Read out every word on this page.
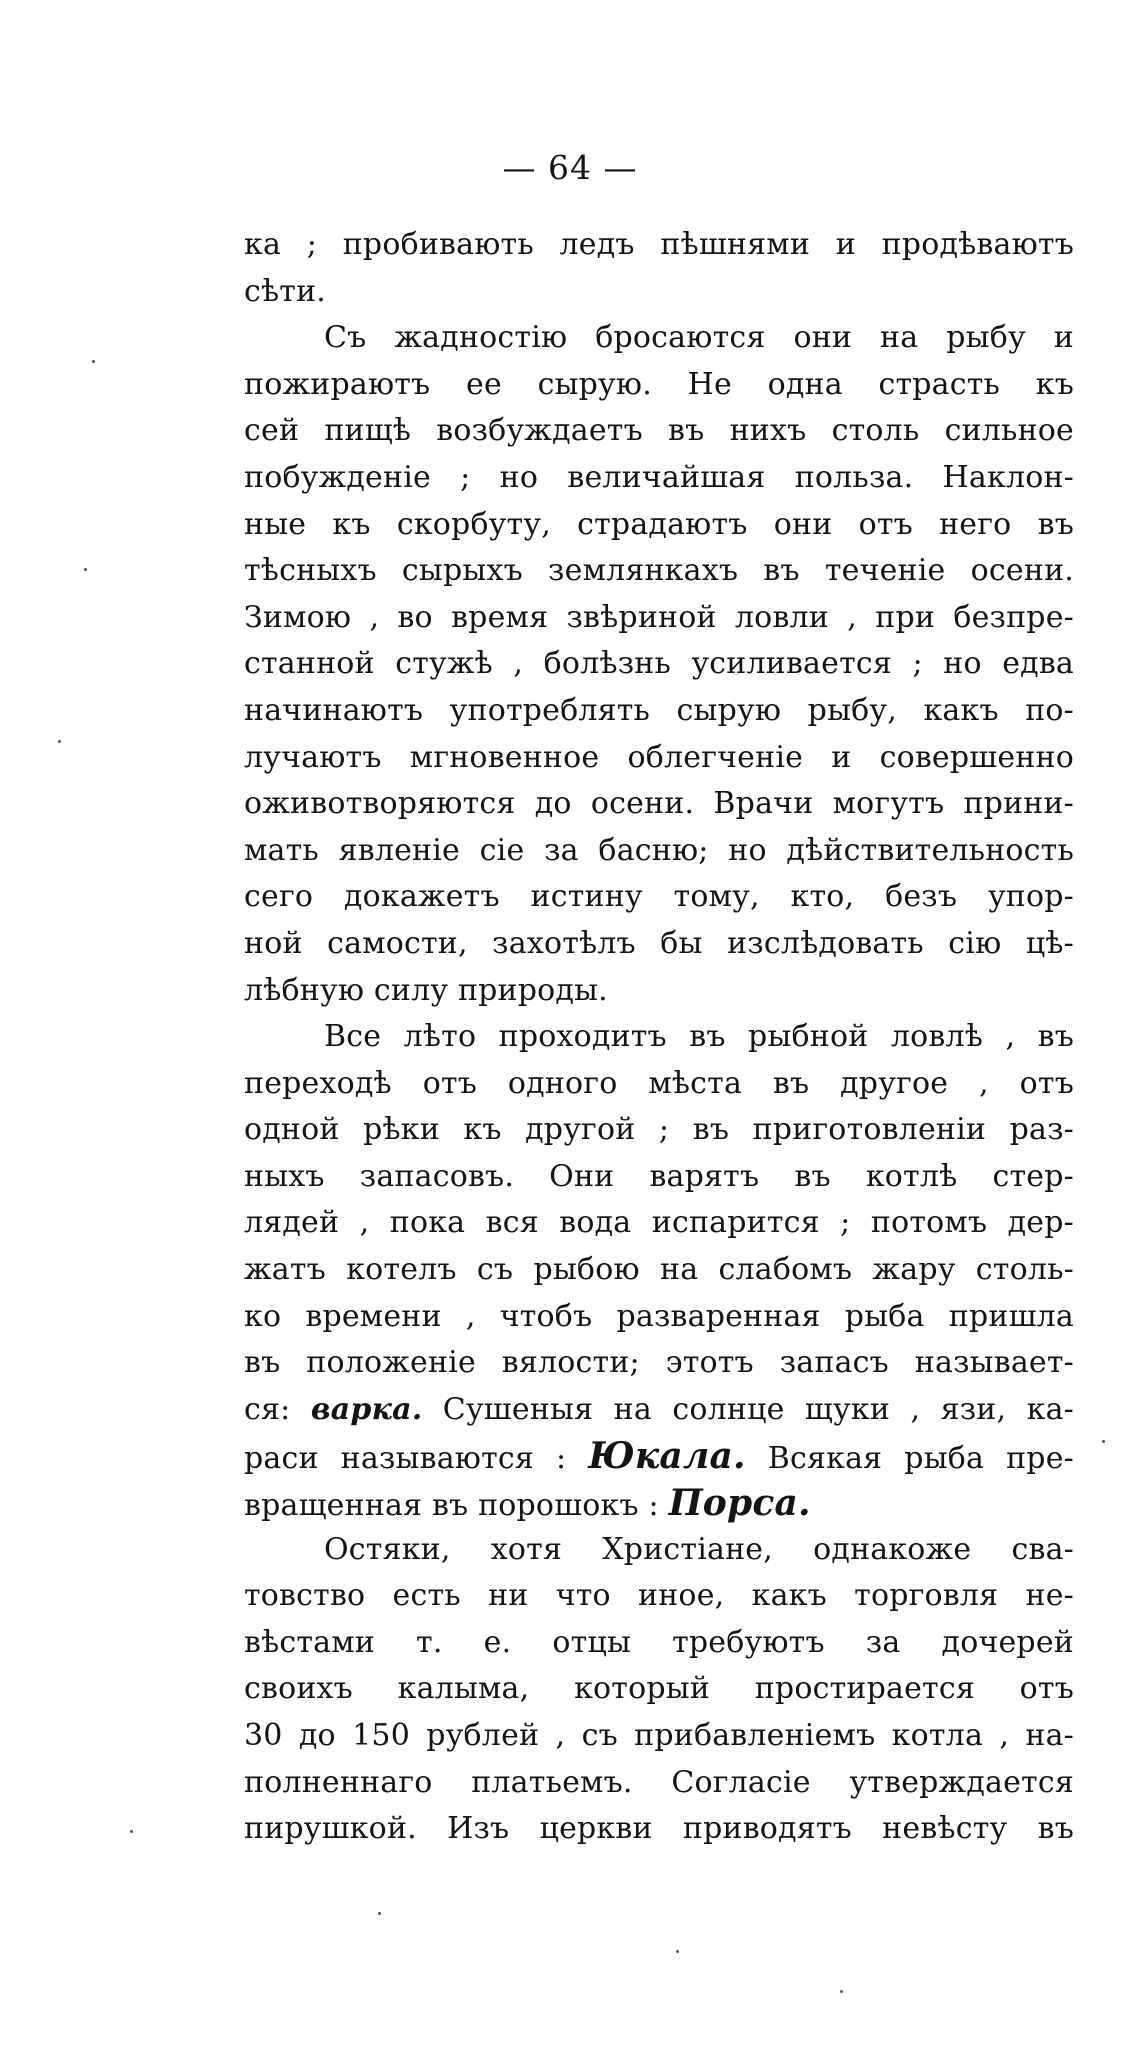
— 64 —
ка ; пробивають ледъ пѣшнями и продѣваютъ
сѣти.
Съ жадностію бросаются они на рыбу и
пожираютъ ее сырую. Не одна страсть къ
сей пищѣ возбуждаетъ въ нихъ столь сильное
побужденіе ; но величайшая польза. Наклон-
ные къ скорбуту, страдаютъ они отъ него въ
тѣсныхъ сырыхъ землянкахъ въ теченіе осени.
Зимою , во время звѣриной ловли , при безпре-
станной стужѣ , болѣзнь усиливается ; но едва
начинаютъ употреблять сырую рыбу, какъ по-
лучаютъ мгновенное облегченіе и совершенно
оживотворяются до осени. Врачи могутъ прини-
мать явленіе сіе за басню; но дѣйствительность
сего докажетъ истину тому, кто, безъ упор-
ной самости, захотѣлъ бы изслѣдовать сію цѣ-
лѣбную силу природы.
Все лѣто проходитъ въ рыбной ловлѣ , въ
переходѣ отъ одного мѣста въ другое , отъ
одной рѣки къ другой ; въ приготовленіи раз-
ныхъ запасовъ. Они варятъ въ котлѣ стер-
лядей , пока вся вода испарится ; потомъ дер-
жатъ котелъ съ рыбою на слабомъ жару столь-
ко времени , чтобъ разваренная рыба пришла
въ положеніе вялости; этотъ запасъ называет-
ся: варка. Сушеныя на солнце щуки , язи, ка-
раси называются : Юкала. Всякая рыба пре-
вращенная въ порошокъ : Порса.
Остяки, хотя Христіане, однакоже сва-
товство есть ни что иное, какъ торговля не-
вѣстами т. е. отцы требуютъ за дочерей
своихъ калыма, который простирается отъ
30 до 150 рублей , съ прибавленіемъ котла , на-
полненнаго платьемъ. Согласіе утверждается
пирушкой. Изъ церкви приводятъ невѣсту въ
